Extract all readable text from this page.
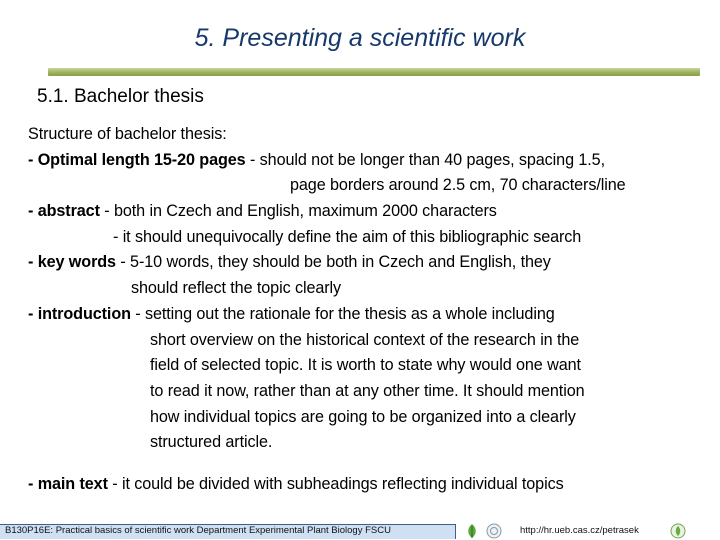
5. Presenting a scientific work
5.1. Bachelor thesis
Structure of bachelor thesis:
- Optimal length 15-20 pages - should not be longer than 40 pages, spacing 1.5,
page borders around 2.5 cm, 70 characters/line
- abstract - both in Czech and English, maximum 2000 characters
- it should unequivocally define the aim of this bibliographic search
- key words - 5-10 words, they should be both in Czech and English, they
should reflect the topic clearly
- introduction - setting out the rationale for the thesis as a whole including
short overview on the historical context of the research in the
field of selected topic. It is worth to state why would one want
to read it now, rather than at any other time. It should mention
how individual topics are going to be organized into a clearly
structured article.
- main text - it could be divided with subheadings reflecting individual topics
B130P16E: Practical basics of scientific work Department Experimental Plant Biology FSCU	http://hr.ueb.cas.cz/petrasek
